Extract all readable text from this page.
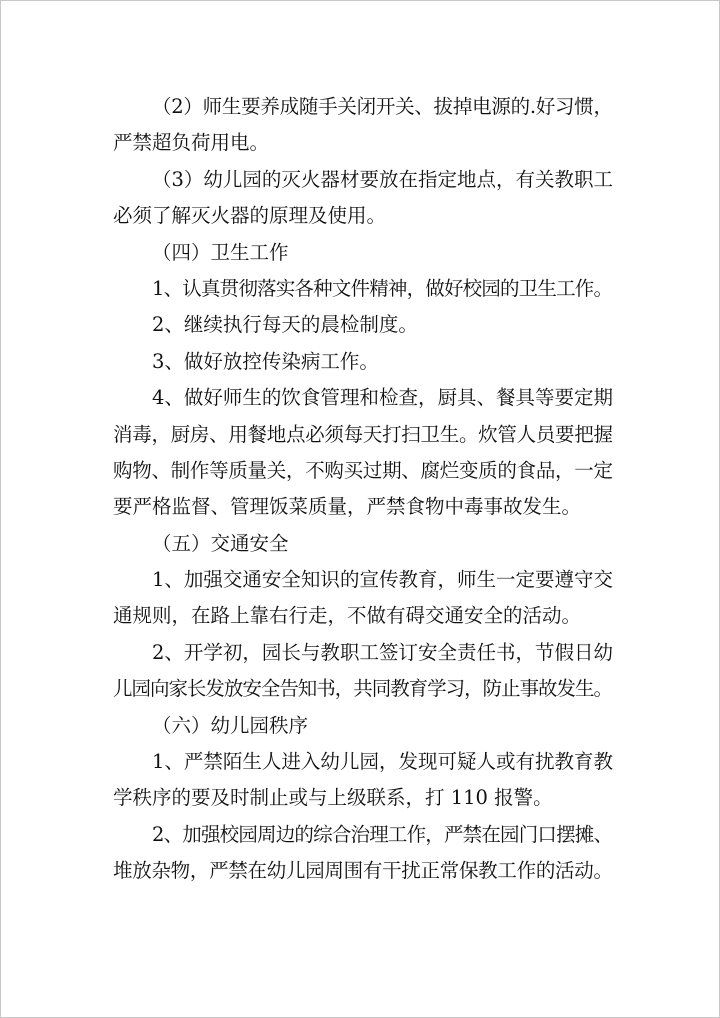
（2）师生要养成随手关闭开关、拔掉电源的.好习惯，
严禁超负荷用电。
（3）幼儿园的灭火器材要放在指定地点，有关教职工
必须了解灭火器的原理及使用。
（四）卫生工作
1、认真贯彻落实各种文件精神，做好校园的卫生工作。
2、继续执行每天的晨检制度。
3、做好放控传染病工作。
4、做好师生的饮食管理和检查，厨具、餐具等要定期
消毒，厨房、用餐地点必须每天打扫卫生。炊管人员要把握
购物、制作等质量关，不购买过期、腐烂变质的食品，一定
要严格监督、管理饭菜质量，严禁食物中毒事故发生。
（五）交通安全
1、加强交通安全知识的宣传教育，师生一定要遵守交
通规则，在路上靠右行走，不做有碍交通安全的活动。
2、开学初，园长与教职工签订安全责任书，节假日幼
儿园向家长发放安全告知书，共同教育学习，防止事故发生。
（六）幼儿园秩序
1、严禁陌生人进入幼儿园，发现可疑人或有扰教育教
学秩序的要及时制止或与上级联系，打 110 报警。
2、加强校园周边的综合治理工作，严禁在园门口摆摊、
堆放杂物，严禁在幼儿园周围有干扰正常保教工作的活动。
